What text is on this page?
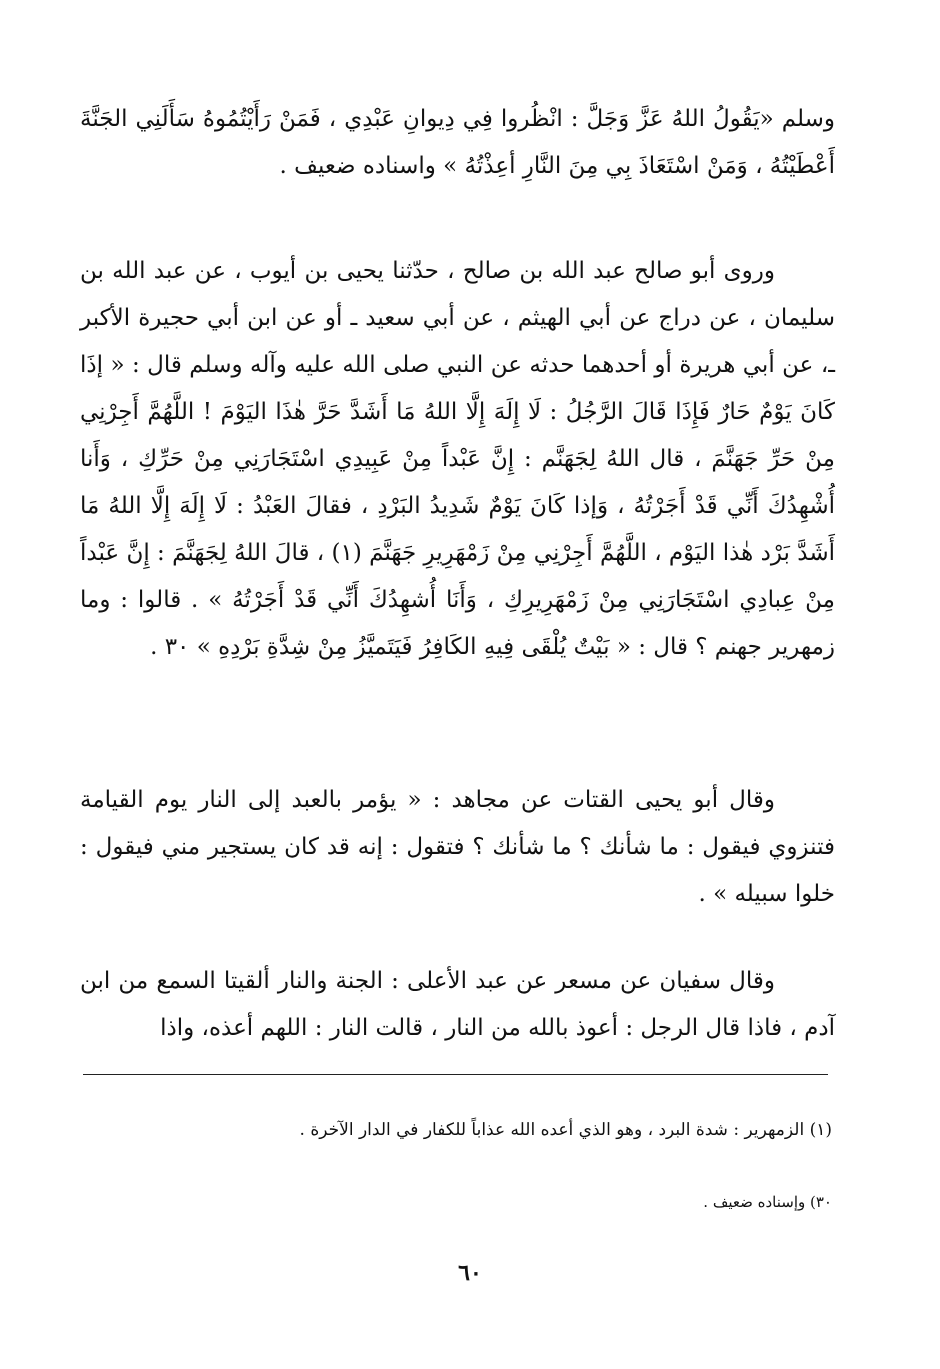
وسلم «يَقُولُ اللهُ عَزَّ وَجَلَّ : انْظُروا فِي دِيوانِ عَبْدِي ، فَمَنْ رَأَيْتُمُوهُ سَأَلَنِي الجَنَّةَ أَعْطَيْتُهُ ، وَمَنْ اسْتَعَاذَ بِي مِنَ النَّارِ أعِذْتُهُ » واسناده ضعيف .

وروى أبو صالح عبد الله بن صالح ، حدّثنا يحيى بن أيوب ، عن عبد الله بن سليمان ، عن دراج عن أبي الهيثم ، عن أبي سعيد ـ أو عن ابن أبي حجيرة الأكبر ـ، عن أبي هريرة أو أحدهما حدثه عن النبي صلى الله عليه وآله وسلم قال : « إذَا كَانَ يَوْمٌ حَارٌ فَإِذَا قَالَ الرَّجُلُ : لَا إِلَهَ إِلَّا اللهُ مَا أَشَدَّ حَرَّ هٰذَا اليَوْمَ ! اللَّهُمَّ أَجِرْنِي مِنْ حَرِّ جَهَنَّمَ ، قال اللهُ لِجَهَنَّم : إِنَّ عَبْداً مِنْ عَبِيدِي اسْتَجَارَنِي مِنْ حَرِّكِ ، وَأَنا أُشْهِدُكَ أَنِّي قَدْ أَجَرْتُهُ ، وَإذا كَانَ يَوْمٌ شَدِيدُ البَرْدِ ، فقالَ العَبْدُ : لَا إِلَهَ إِلَّا اللهُ مَا أَشَدَّ بَرْد هٰذا اليَوْم ، اللَّهُمَّ أَجِرْنِي مِنْ زَمْهَرِيرِ جَهَنَّمَ (١) ، قالَ اللهُ لِجَهَنَّمَ : إِنَّ عَبْداً مِنْ عِبادِي اسْتَجَارَنِي مِنْ زَمْهَرِيرِكِ ، وَأَنَا أُشهِدُكَ أَنِّي قَدْ أَجَرْتُهُ » . قالوا : وما زمهرير جهنم ؟ قال : « بَيْتٌ يُلْقَى فِيهِ الكَافِرُ فَيَتَميَّزُ مِنْ شِدَّةِ بَرْدِهِ » ٣٠ .

وقال أبو يحيى القتات عن مجاهد : « يؤمر بالعبد إلى النار يوم القيامة فتنزوي فيقول : ما شأنك ؟ ما شأنك ؟ فتقول : إنه قد كان يستجير مني فيقول : خلوا سبيله » .

وقال سفيان عن مسعر عن عبد الأعلى : الجنة والنار ألقيتا السمع من ابن آدم ، فاذا قال الرجل : أعوذ بالله من النار ، قالت النار : اللهم أعذه، واذا

(١) الزمهرير : شدة البرد ، وهو الذي أعده الله عذاباً للكفار في الدار الآخرة .

٣٠) وإسناده ضعيف .

٦٠
